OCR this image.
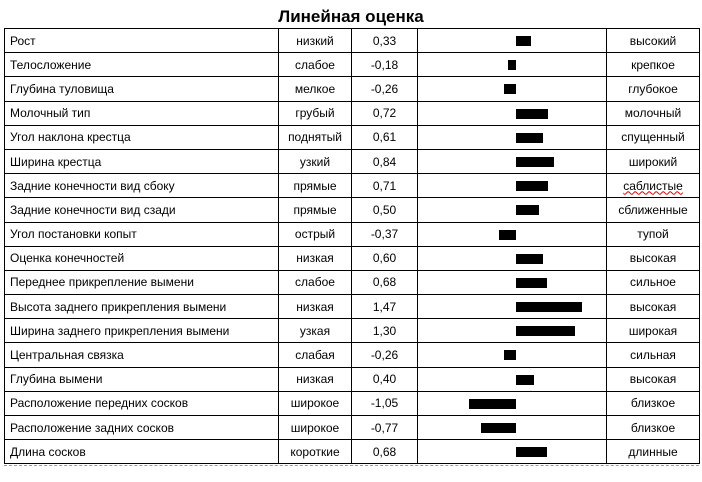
Линейная оценка
Рост	низкий	0,33		высокий
Телосложение	слабое	-0,18		крепкое
Глубина туловища	мелкое	-0,26		глубокое
Молочный тип	грубый	0,72		молочный
Угол наклона крестца	поднятый	0,61		спущенный
Ширина крестца	узкий	0,84		широкий
Задние конечности вид сбоку	прямые	0,71		саблистые
Задние конечности вид сзади	прямые	0,50		сближенные
Угол постановки копыт	острый	-0,37		тупой
Оценка конечностей	низкая	0,60		высокая
Переднее прикрепление вымени	слабое	0,68		сильное
Высота заднего прикрепления вымени	низкая	1,47		высокая
Ширина заднего прикрепления вымени	узкая	1,30		широкая
Центральная связка	слабая	-0,26		сильная
Глубина вымени	низкая	0,40		высокая
Расположение передних сосков	широкое	-1,05		близкое
Расположение задних сосков	широкое	-0,77		близкое
Длина сосков	короткие	0,68		длинные
